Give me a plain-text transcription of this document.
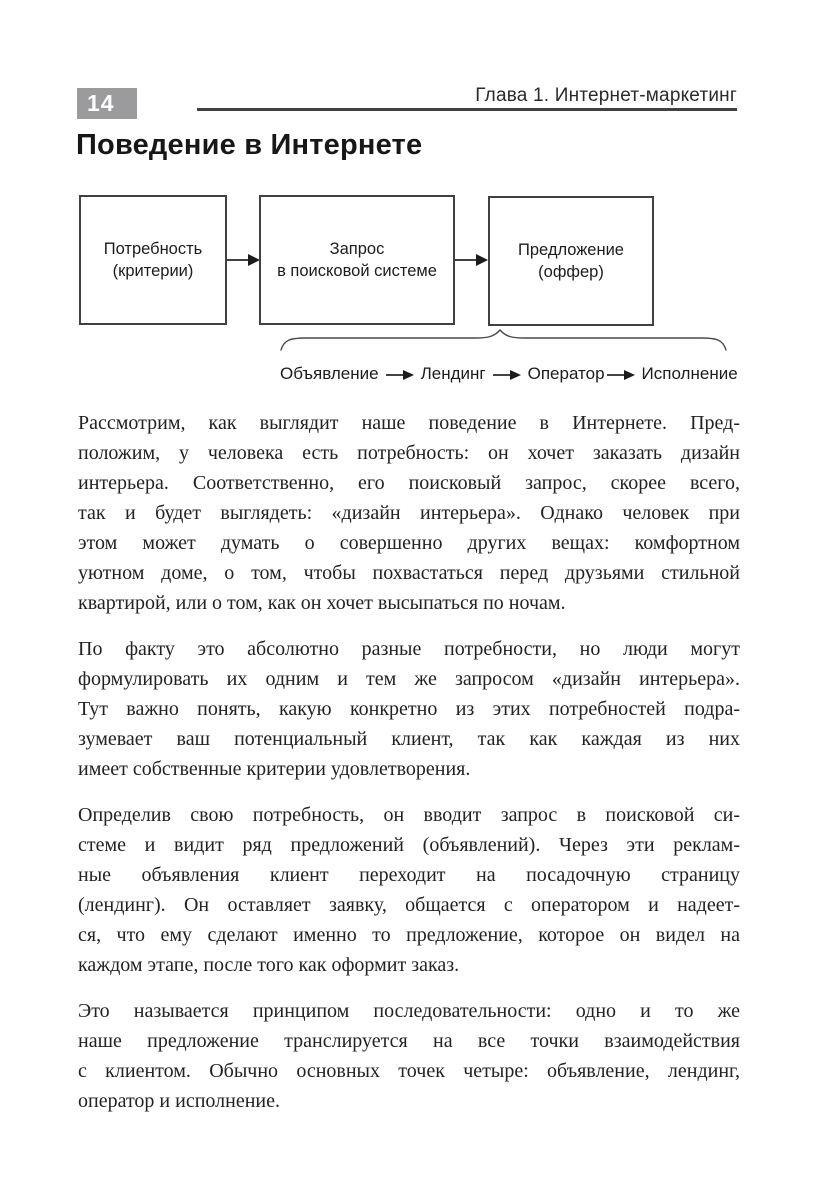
14	Глава 1. Интернет-маркетинг
Поведение в Интернете
Потребность
(критерии)
Запрос
в поисковой системе
Предложение
(оффер)
Объявление Лендинг Оператор Исполнение
Рассмотрим, как выглядит наше поведение в Интернете. Пред-
положим, у человека есть потребность: он хочет заказать дизайн
интерьера. Соответственно, его поисковый запрос, скорее всего,
так и будет выглядеть: «дизайн интерьера». Однако человек при
этом может думать о совершенно других вещах: комфортном
уютном доме, о том, чтобы похвастаться перед друзьями стильной
квартирой, или о том, как он хочет высыпаться по ночам.
По факту это абсолютно разные потребности, но люди могут
формулировать их одним и тем же запросом «дизайн интерьера».
Тут важно понять, какую конкретно из этих потребностей подра-
зумевает ваш потенциальный клиент, так как каждая из них
имеет собственные критерии удовлетворения.
Определив свою потребность, он вводит запрос в поисковой си-
стеме и видит ряд предложений (объявлений). Через эти реклам-
ные объявления клиент переходит на посадочную страницу
(лендинг). Он оставляет заявку, общается с оператором и надеет-
ся, что ему сделают именно то предложение, которое он видел на
каждом этапе, после того как оформит заказ.
Это называется принципом последовательности: одно и то же
наше предложение транслируется на все точки взаимодействия
с клиентом. Обычно основных точек четыре: объявление, лендинг,
оператор и исполнение.
